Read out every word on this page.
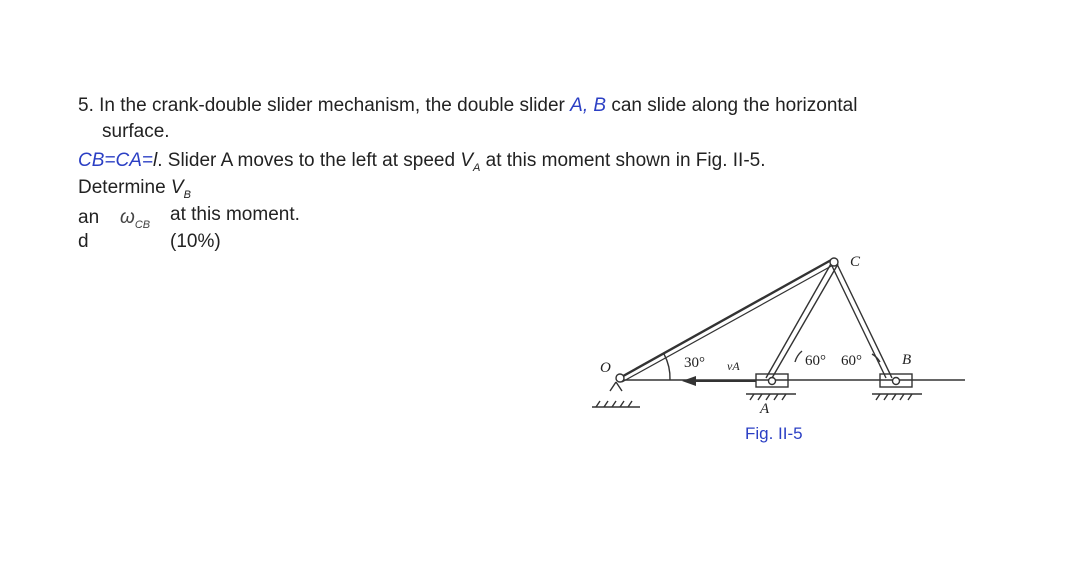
5. In the crank-double slider mechanism, the double slider A, B can slide along the horizontal
surface.
CB=CA=l. Slider A moves to the left at speed $V_A$ at this moment shown in Fig. II-5.
Determine $V_B$
an
d
$\omega_{CB}$ at this moment.
(10%)
O
C
A
B
vA
30°	60° 60°
Fig. II-5
